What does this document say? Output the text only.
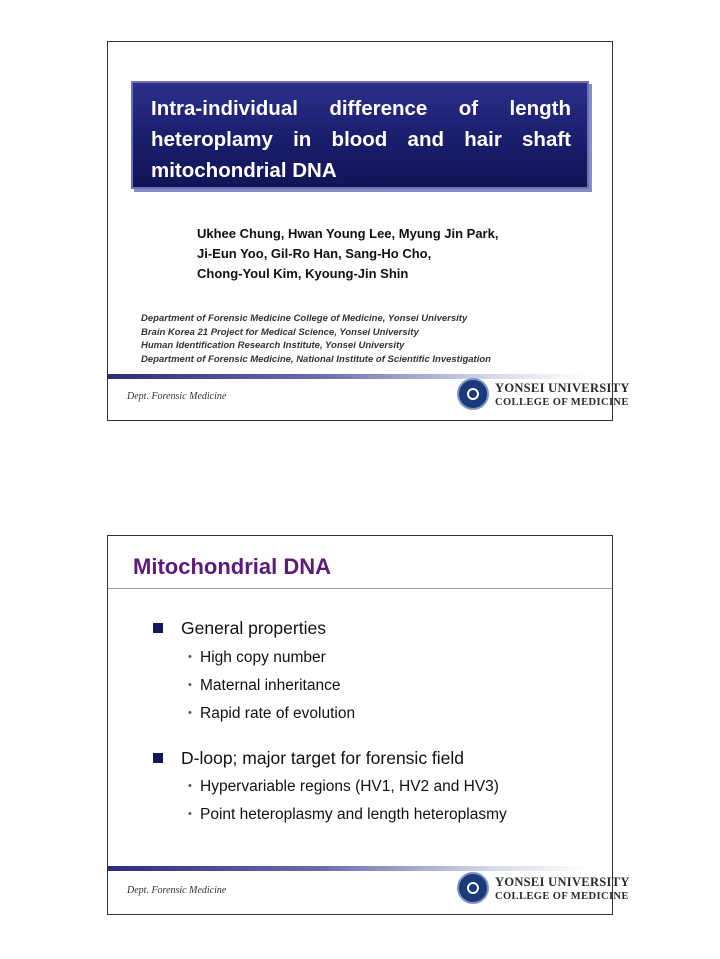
Intra-individual difference of length heteroplamy in blood and hair shaft mitochondrial DNA
Ukhee Chung, Hwan Young Lee, Myung Jin Park,
Ji-Eun Yoo, Gil-Ro Han, Sang-Ho Cho,
Chong-Youl Kim, Kyoung-Jin Shin
Department of Forensic Medicine College of Medicine, Yonsei University
Brain Korea 21 Project for Medical Science, Yonsei University
Human Identification Research Institute, Yonsei University
Department of Forensic Medicine, National Institute of Scientific Investigation
Dept. Forensic Medicine
YONSEI UNIVERSITY
COLLEGE OF MEDICINE
Mitochondrial DNA
General properties
• High copy number
• Maternal inheritance
• Rapid rate of evolution
D-loop; major target for forensic field
• Hypervariable regions (HV1, HV2 and HV3)
• Point heteroplasmy and length heteroplasmy
Dept. Forensic Medicine
YONSEI UNIVERSITY
COLLEGE OF MEDICINE
